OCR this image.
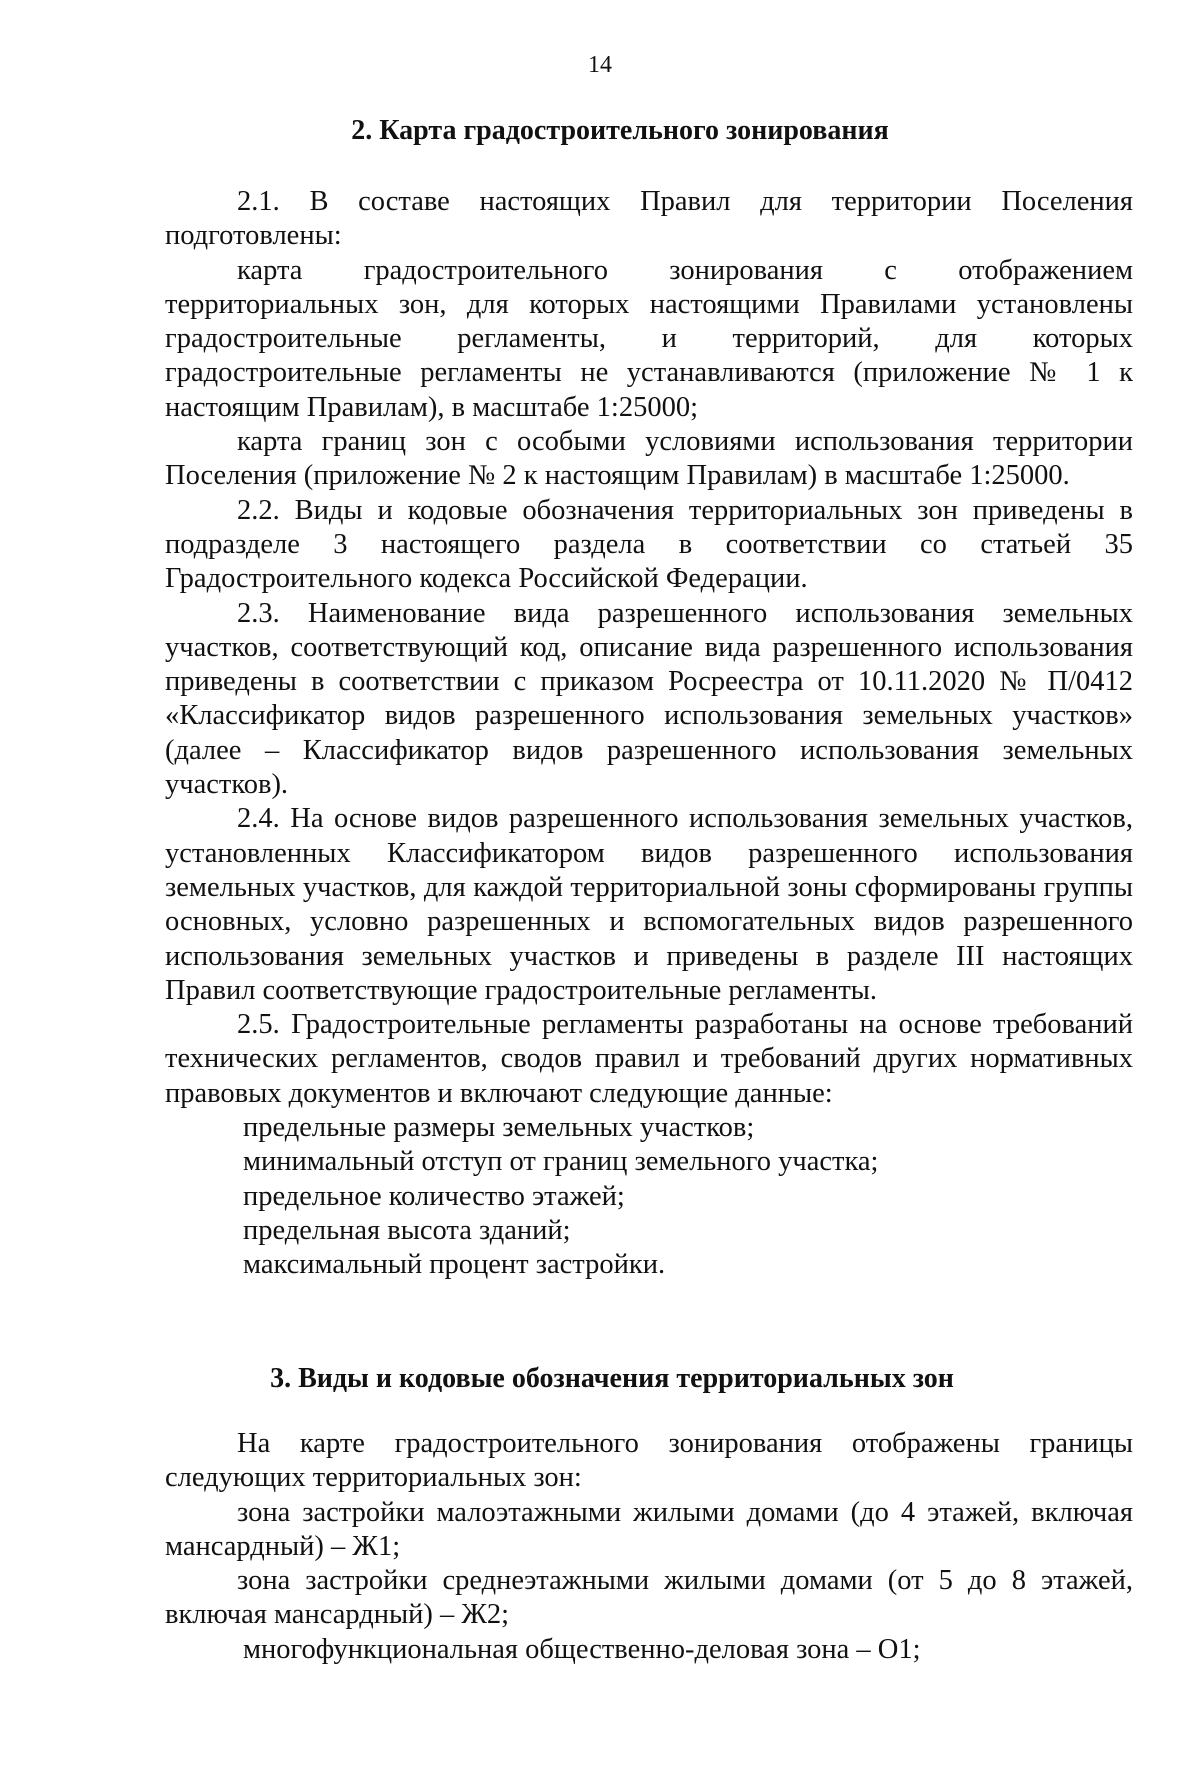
14
2. Карта градостроительного зонирования

2.1. В составе настоящих Правил для территории Поселения подготовлены:

карта градостроительного зонирования с отображением территориальных зон, для которых настоящими Правилами установлены градостроительные регламенты, и территорий, для которых градостроительные регламенты не устанавливаются (приложение № 1 к настоящим Правилам), в масштабе 1:25000;

карта границ зон с особыми условиями использования территории Поселения (приложение № 2 к настоящим Правилам) в масштабе 1:25000.

2.2. Виды и кодовые обозначения территориальных зон приведены в подразделе 3 настоящего раздела в соответствии со статьей 35 Градостроительного кодекса Российской Федерации.

2.3. Наименование вида разрешенного использования земельных участков, соответствующий код, описание вида разрешенного использования приведены в соответствии с приказом Росреестра от 10.11.2020 № П/0412 «Классификатор видов разрешенного использования земельных участков» (далее – Классификатор видов разрешенного использования земельных участков).

2.4. На основе видов разрешенного использования земельных участков, установленных Классификатором видов разрешенного использования земельных участков, для каждой территориальной зоны сформированы группы основных, условно разрешенных и вспомогательных видов разрешенного использования земельных участков и приведены в разделе III настоящих Правил соответствующие градостроительные регламенты.

2.5. Градостроительные регламенты разработаны на основе требований технических регламентов, сводов правил и требований других нормативных правовых документов и включают следующие данные:

предельные размеры земельных участков;

минимальный отступ от границ земельного участка;

предельное количество этажей;

предельная высота зданий;

максимальный процент застройки.

3. Виды и кодовые обозначения территориальных зон

На карте градостроительного зонирования отображены границы следующих территориальных зон:

зона застройки малоэтажными жилыми домами (до 4 этажей, включая мансардный) – Ж1;

зона застройки среднеэтажными жилыми домами (от 5 до 8 этажей, включая мансардный) – Ж2;

многофункциональная общественно-деловая зона – О1;
